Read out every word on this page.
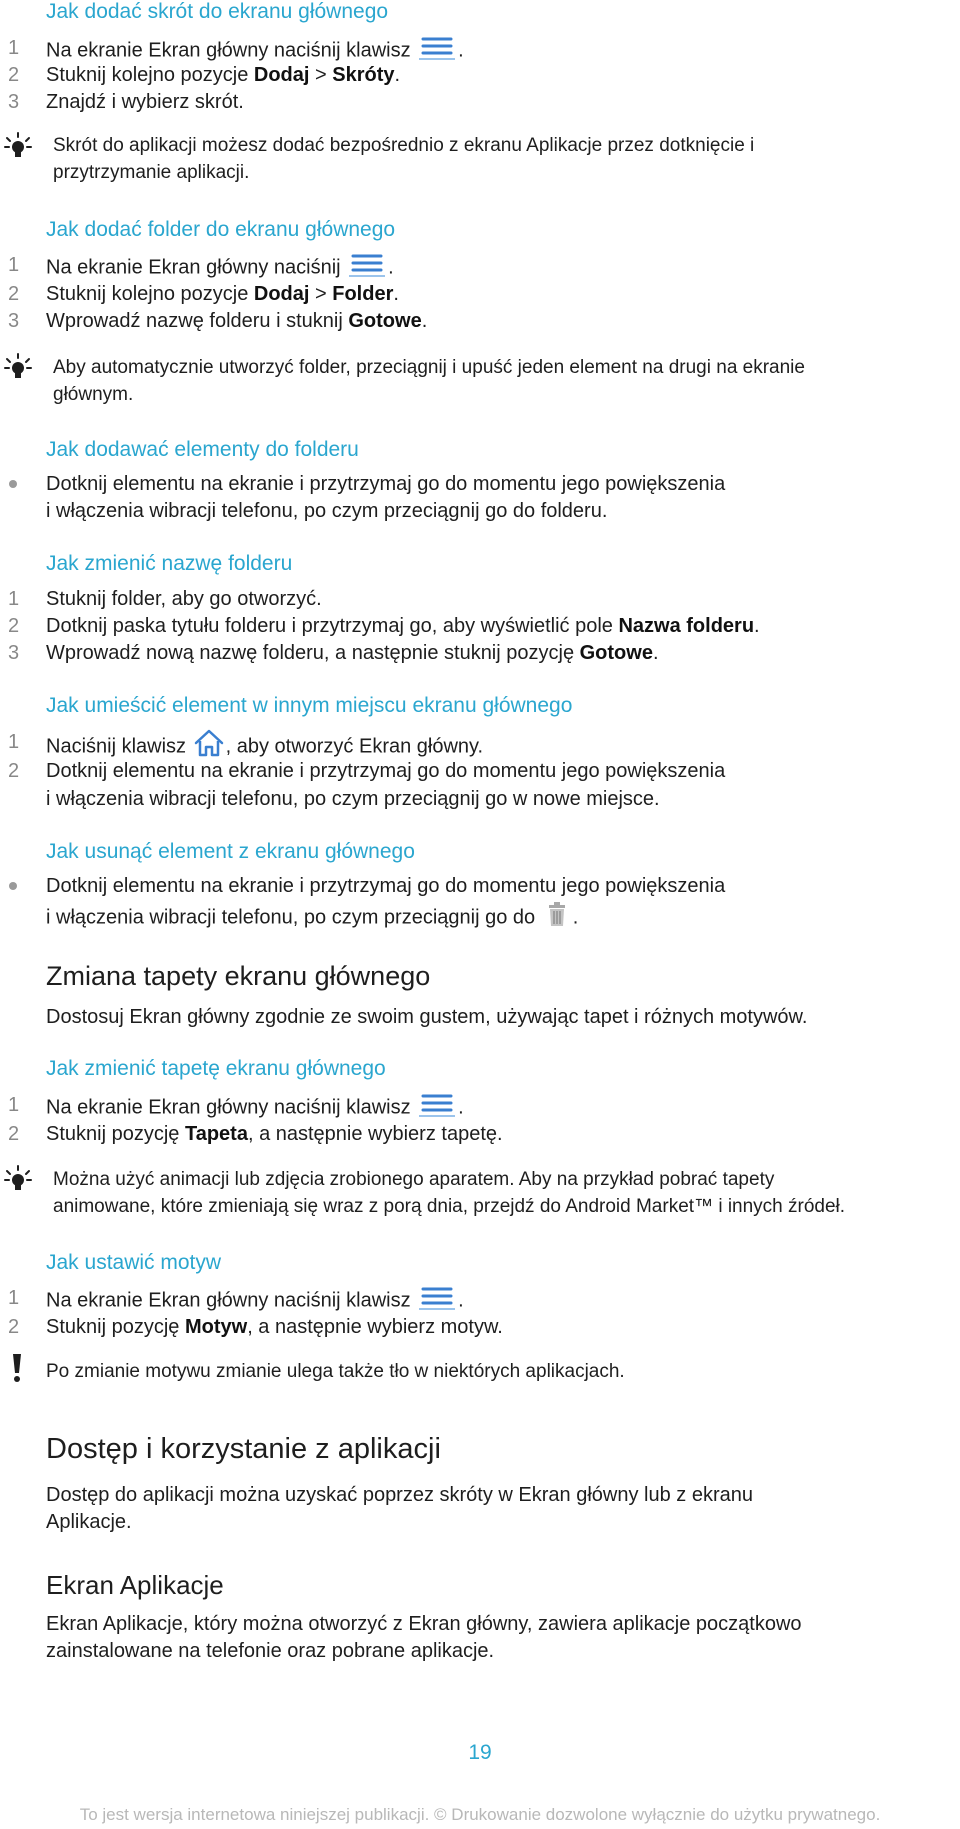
Jak dodać skrót do ekranu głównego
1	Na ekranie Ekran główny naciśnij klawisz .
2	Stuknij kolejno pozycje Dodaj > Skróty.
3	Znajdź i wybierz skrót.
Skrót do aplikacji możesz dodać bezpośrednio z ekranu Aplikacje przez dotknięcie i
przytrzymanie aplikacji.
Jak dodać folder do ekranu głównego
1	Na ekranie Ekran główny naciśnij .
2	Stuknij kolejno pozycje Dodaj > Folder.
3	Wprowadź nazwę folderu i stuknij Gotowe.
Aby automatycznie utworzyć folder, przeciągnij i upuść jeden element na drugi na ekranie
głównym.
Jak dodawać elementy do folderu
Dotknij elementu na ekranie i przytrzymaj go do momentu jego powiększenia
i włączenia wibracji telefonu, po czym przeciągnij go do folderu.
Jak zmienić nazwę folderu
1	Stuknij folder, aby go otworzyć.
2	Dotknij paska tytułu folderu i przytrzymaj go, aby wyświetlić pole Nazwa folderu.
3	Wprowadź nową nazwę folderu, a następnie stuknij pozycję Gotowe.
Jak umieścić element w innym miejscu ekranu głównego
1	Naciśnij klawisz , aby otworzyć Ekran główny.
2	Dotknij elementu na ekranie i przytrzymaj go do momentu jego powiększenia
i włączenia wibracji telefonu, po czym przeciągnij go w nowe miejsce.
Jak usunąć element z ekranu głównego
Dotknij elementu na ekranie i przytrzymaj go do momentu jego powiększenia
i włączenia wibracji telefonu, po czym przeciągnij go do .
Zmiana tapety ekranu głównego
Dostosuj Ekran główny zgodnie ze swoim gustem, używając tapet i różnych motywów.
Jak zmienić tapetę ekranu głównego
1	Na ekranie Ekran główny naciśnij klawisz .
2	Stuknij pozycję Tapeta, a następnie wybierz tapetę.
Można użyć animacji lub zdjęcia zrobionego aparatem. Aby na przykład pobrać tapety
animowane, które zmieniają się wraz z porą dnia, przejdź do Android Market™ i innych źródeł.
Jak ustawić motyw
1	Na ekranie Ekran główny naciśnij klawisz .
2	Stuknij pozycję Motyw, a następnie wybierz motyw.
Po zmianie motywu zmianie ulega także tło w niektórych aplikacjach.
Dostęp i korzystanie z aplikacji
Dostęp do aplikacji można uzyskać poprzez skróty w Ekran główny lub z ekranu
Aplikacje.
Ekran Aplikacje
Ekran Aplikacje, który można otworzyć z Ekran główny, zawiera aplikacje początkowo
zainstalowane na telefonie oraz pobrane aplikacje.
19
To jest wersja internetowa niniejszej publikacji. © Drukowanie dozwolone wyłącznie do użytku prywatnego.
